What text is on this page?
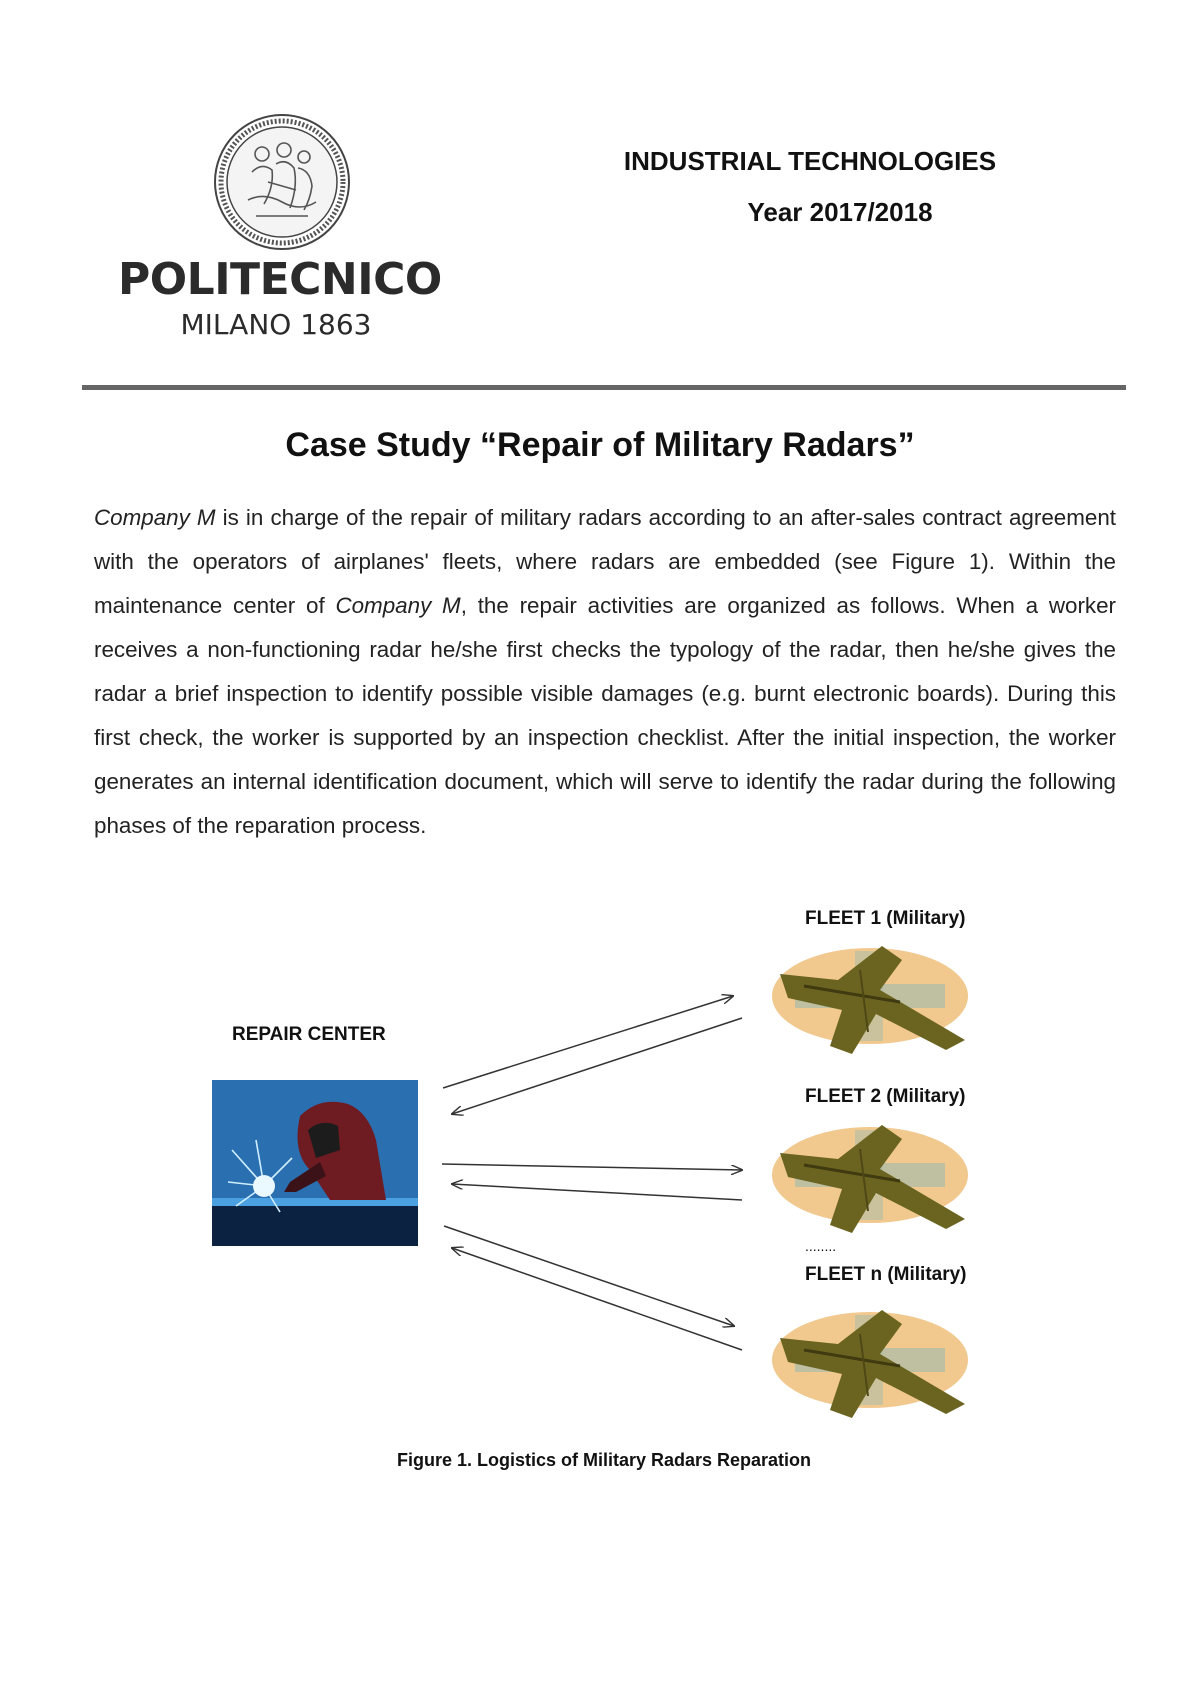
POLITECNICO
MILANO 1863
INDUSTRIAL TECHNOLOGIES
Year 2017/2018
Case Study “Repair of Military Radars”
Company M is in charge of the repair of military radars according to an after-sales contract agreement with the operators of airplanes' fleets, where radars are embedded (see Figure 1). Within the maintenance center of Company M, the repair activities are organized as follows. When a worker receives a non-functioning radar he/she first checks the typology of the radar, then he/she gives the radar a brief inspection to identify possible visible damages (e.g. burnt electronic boards). During this first check, the worker is supported by an inspection checklist. After the initial inspection, the worker generates an internal identification document, which will serve to identify the radar during the following phases of the reparation process.
REPAIR CENTER
FLEET 1 (Military)
FLEET 2 (Military)
........
FLEET n (Military)
Figure 1. Logistics of Military Radars Reparation
